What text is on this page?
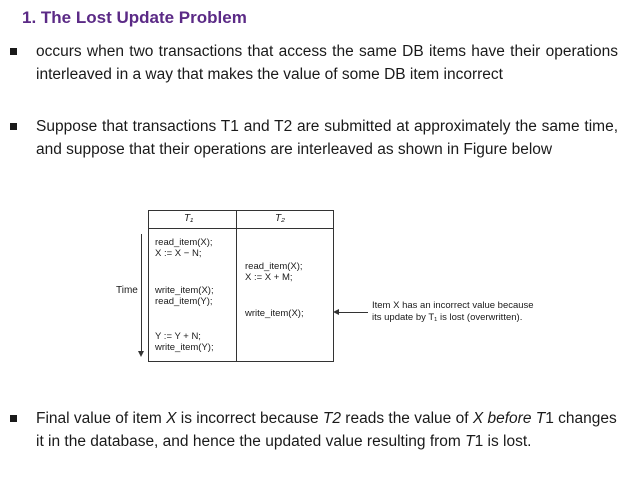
1. The Lost Update Problem
occurs when two transactions that access the same DB items have their operations interleaved in a way that makes the value of some DB item incorrect
Suppose that transactions T1 and T2 are submitted at approximately the same time, and suppose that their operations are interleaved as shown in Figure below
Time
T₁	T₂
read_item(X);
X := X − N;
read_item(X);
X := X + M;
write_item(X);
read_item(Y);
write_item(X);
Y := Y + N;
write_item(Y);
Item X has an incorrect value because
its update by T₁ is lost (overwritten).
Final value of item X is incorrect because T2 reads the value of X before T1 changes it in the database, and hence the updated value resulting from T1 is lost.
